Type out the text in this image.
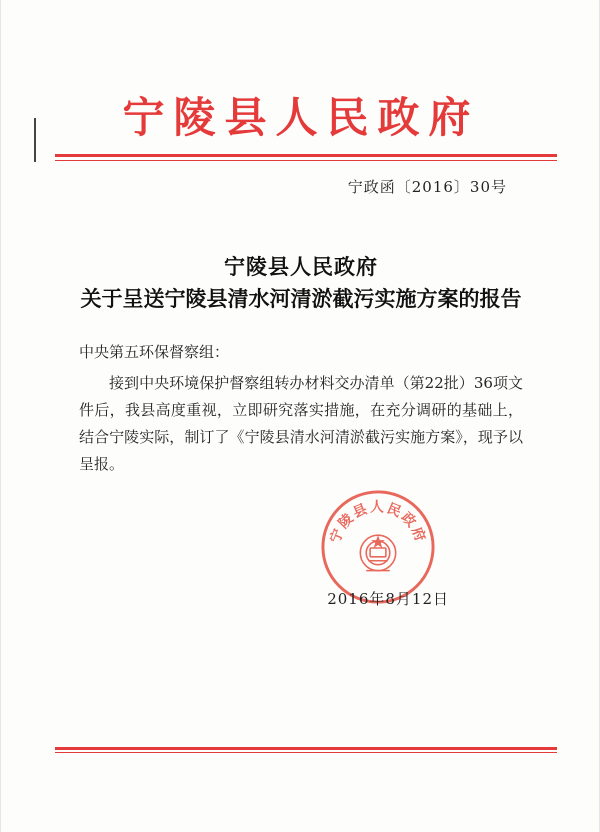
宁陵县人民政府
宁政函〔2016〕30号
宁陵县人民政府
关于呈送宁陵县清水河清淤截污实施方案的报告
中央第五环保督察组：

接到中央环境保护督察组转办材料交办清单（第22批）36项文件后，我县高度重视，立即研究落实措施，在充分调研的基础上，结合宁陵实际，制订了《宁陵县清水河清淤截污实施方案》，现予以呈报。

宁陵县人民政府
2016年8月12日
